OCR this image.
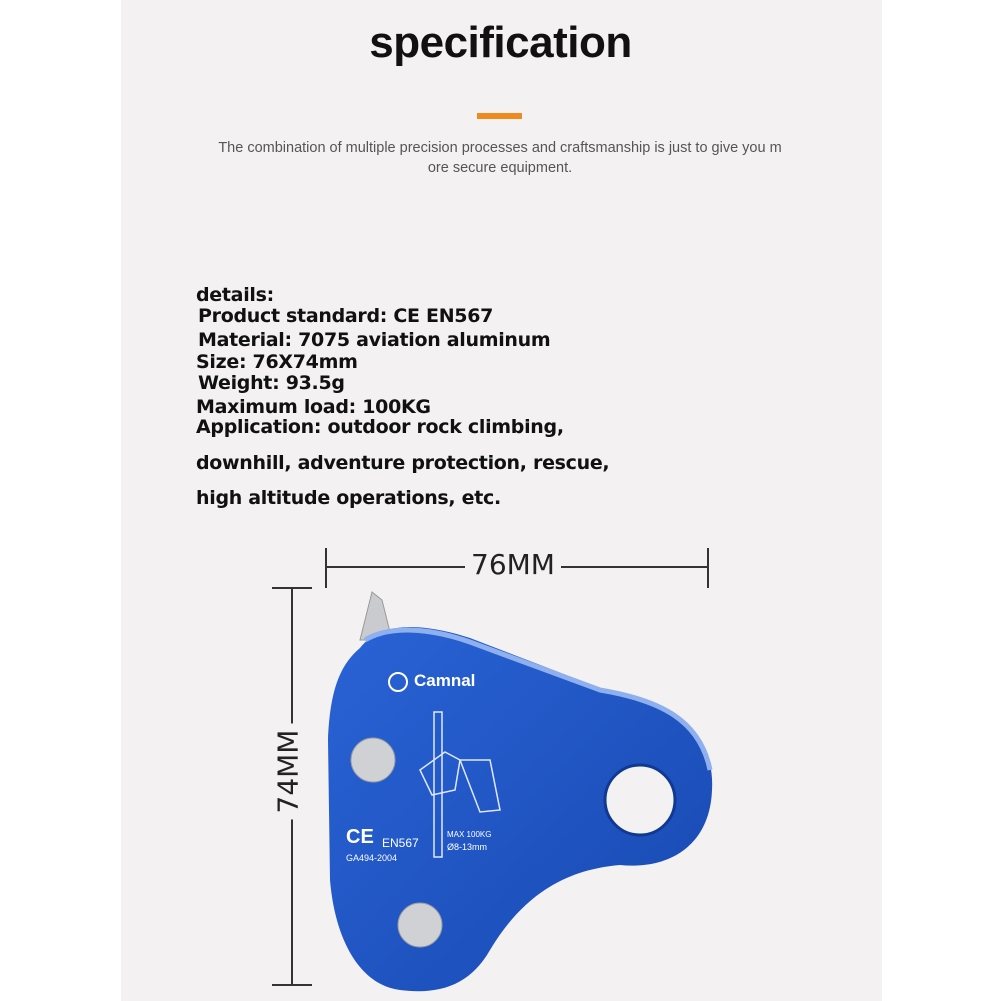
specification
The combination of multiple precision processes and craftsmanship is just to give you m
ore secure equipment.
details:
Product standard: CE EN567
Material: 7075 aviation aluminum
Size: 76X74mm
Weight: 93.5g
Maximum load: 100KG
Application: outdoor rock climbing,
downhill, adventure protection, rescue,
high altitude operations, etc.
76MM
74MM
Camnal
CE EN567
GA494-2004
MAX 100KG
Ø8-13mm
